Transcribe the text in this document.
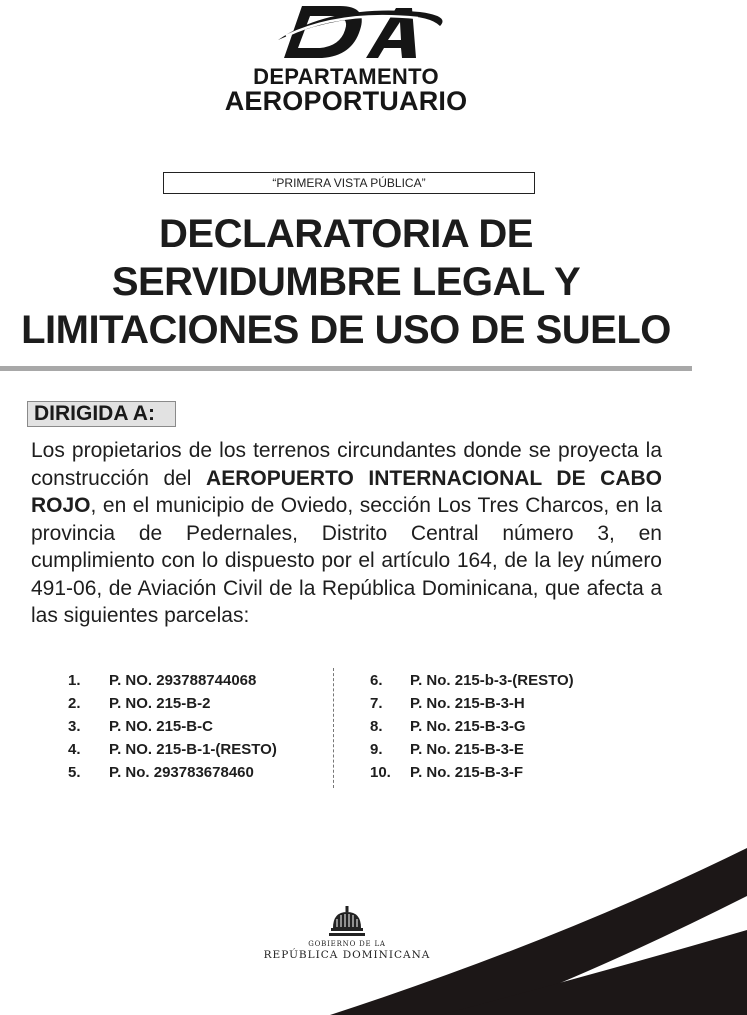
DEPARTAMENTO
AEROPORTUARIO
“PRIMERA VISTA PÚBLICA”
DECLARATORIA DE
SERVIDUMBRE LEGAL Y
LIMITACIONES DE USO DE SUELO
DIRIGIDA A:
Los propietarios de los terrenos circundantes donde se proyecta la construcción del AEROPUERTO INTERNACIONAL DE CABO ROJO, en el municipio de Oviedo, sección Los Tres Charcos, en la provincia de Pedernales, Distrito Central número 3, en cumplimiento con lo dispuesto por el artículo 164, de la ley número 491-06, de Aviación Civil de la República Dominicana, que afecta a las siguientes parcelas:
1.	P. NO. 293788744068
2.	P. NO. 215-B-2
3.	P. NO. 215-B-C
4.	P. NO. 215-B-1-(RESTO)
5.	P. No. 293783678460
6.	P. No. 215-b-3-(RESTO)
7.	P. No. 215-B-3-H
8.	P. No. 215-B-3-G
9.	P. No. 215-B-3-E
10.	P. No. 215-B-3-F
GOBIERNO DE LA
REPÚBLICA DOMINICANA
